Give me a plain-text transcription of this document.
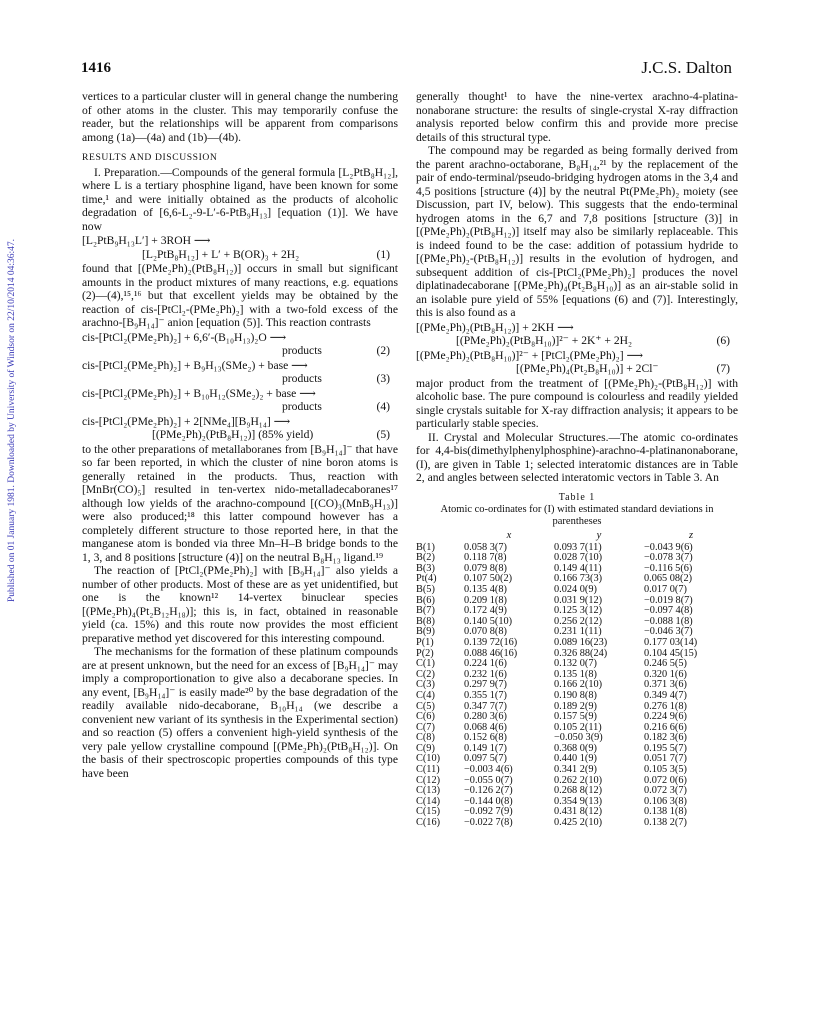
1416	J.C.S. Dalton
Published on 01 January 1981. Downloaded by University of Windsor on 22/10/2014 04:36:47.

vertices to a particular cluster will in general change the numbering of other atoms in the cluster. This may temporarily confuse the reader, but the relationships will be apparent from comparisons among (1a)—(4a) and (1b)—(4b).

RESULTS AND DISCUSSION

I. Preparation.—Compounds of the general formula [L₂PtB₈H₁₂], where L is a tertiary phosphine ligand, have been known for some time,¹ and were initially obtained as the products of alcoholic degradation of [6,6-L₂-9-L′-6-PtB₉H₁₃] [equation (1)]. We have now

[L₂PtB₉H₁₃L′] + 3ROH ⟶
[L₂PtB₈H₁₂] + L′ + B(OR)₃ + 2H₂	(1)

found that [(PMe₂Ph)₂(PtB₈H₁₂)] occurs in small but significant amounts in the product mixtures of many reactions, e.g. equations (2)—(4),¹⁵,¹⁶ but that excellent yields may be obtained by the reaction of cis-[PtCl₂-(PMe₂Ph)₂] with a two-fold excess of the arachno-[B₉H₁₄]⁻ anion [equation (5)]. This reaction contrasts

cis-[PtCl₂(PMe₂Ph)₂] + 6,6′-(B₁₀H₁₃)₂O ⟶
products	(2)
cis-[PtCl₂(PMe₂Ph)₂] + B₉H₁₃(SMe₂) + base ⟶
products	(3)
cis-[PtCl₂(PMe₂Ph)₂] + B₁₀H₁₂(SMe₂)₂ + base ⟶
products	(4)
cis-[PtCl₂(PMe₂Ph)₂] + 2[NMe₄][B₉H₁₄] ⟶
[(PMe₂Ph)₂(PtB₈H₁₂)] (85% yield)	(5)

to the other preparations of metallaboranes from [B₉H₁₄]⁻ that have so far been reported, in which the cluster of nine boron atoms is generally retained in the products. Thus, reaction with [MnBr(CO)₅] resulted in ten-vertex nido-metalladecaboranes¹⁷ although low yields of the arachno-compound [(CO)₃(MnB₉H₁₃)] were also produced;¹⁸ this latter compound however has a completely different structure to those reported here, in that the manganese atom is bonded via three Mn–H–B bridge bonds to the 1, 3, and 8 positions [structure (4)] on the neutral B₈H₁₃ ligand.¹⁹

The reaction of [PtCl₂(PMe₂Ph)₂] with [B₉H₁₄]⁻ also yields a number of other products. Most of these are as yet unidentified, but one is the known¹² 14-vertex binuclear species [(PMe₂Ph)₄(Pt₂B₁₂H₁₈)]; this is, in fact, obtained in reasonable yield (ca. 15%) and this route now provides the most efficient preparative method yet discovered for this interesting compound.

The mechanisms for the formation of these platinum compounds are at present unknown, but the need for an excess of [B₉H₁₄]⁻ may imply a comproportionation to give also a decaborane species. In any event, [B₉H₁₄]⁻ is easily made²⁰ by the base degradation of the readily available nido-decaborane, B₁₀H₁₄ (we describe a convenient new variant of its synthesis in the Experimental section) and so reaction (5) offers a convenient high-yield synthesis of the very pale yellow crystalline compound [(PMe₂Ph)₂(PtB₈H₁₂)]. On the basis of their spectroscopic properties compounds of this type have been

generally thought¹ to have the nine-vertex arachno-4-platina-nonaborane structure: the results of single-crystal X-ray diffraction analysis reported below confirm this and provide more precise details of this structural type.

The compound may be regarded as being formally derived from the parent arachno-octaborane, B₈H₁₄,²¹ by the replacement of the pair of endo-terminal/pseudo-bridging hydrogen atoms in the 3,4 and 4,5 positions [structure (4)] by the neutral Pt(PMe₂Ph)₂ moiety (see Discussion, part IV, below). This suggests that the endo-terminal hydrogen atoms in the 6,7 and 7,8 positions [structure (3)] in [(PMe₂Ph)₂(PtB₈H₁₂)] itself may also be similarly replaceable. This is indeed found to be the case: addition of potassium hydride to [(PMe₂Ph)₂-(PtB₈H₁₂)] results in the evolution of hydrogen, and subsequent addition of cis-[PtCl₂(PMe₂Ph)₂] produces the novel diplatinadecaborane [(PMe₂Ph)₄(Pt₂B₈H₁₀)] as an air-stable solid in an isolable pure yield of 55% [equations (6) and (7)]. Interestingly, this is also found as a

[(PMe₂Ph)₂(PtB₈H₁₂)] + 2KH ⟶
[(PMe₂Ph)₂(PtB₈H₁₀)]²⁻ + 2K⁺ + 2H₂	(6)
[(PMe₂Ph)₂(PtB₈H₁₀)]²⁻ + [PtCl₂(PMe₂Ph)₂] ⟶
[(PMe₂Ph)₄(Pt₂B₈H₁₀)] + 2Cl⁻	(7)

major product from the treatment of [(PMe₂Ph)₂-(PtB₈H₁₂)] with alcoholic base. The pure compound is colourless and readily yielded single crystals suitable for X-ray diffraction analysis; it appears to be particularly stable species.

II. Crystal and Molecular Structures.—The atomic co-ordinates for 4,4-bis(dimethylphenylphosphine)-arachno-4-platinanonaborane, (I), are given in Table 1; selected interatomic distances are in Table 2, and angles between selected interatomic vectors in Table 3. An

Table 1

Atomic co-ordinates for (I) with estimated standard deviations in parentheses

	x	y	z
B(1)	0.058 3(7)	0.093 7(11)	−0.043 9(6)
B(2)	0.118 7(8)	0.028 7(10)	−0.078 3(7)
B(3)	0.079 8(8)	0.149 4(11)	−0.116 5(6)
Pt(4)	0.107 50(2)	0.166 73(3)	0.065 08(2)
B(5)	0.135 4(8)	0.024 0(9)	0.017 0(7)
B(6)	0.209 1(8)	0.031 9(12)	−0.019 8(7)
B(7)	0.172 4(9)	0.125 3(12)	−0.097 4(8)
B(8)	0.140 5(10)	0.256 2(12)	−0.088 1(8)
B(9)	0.070 8(8)	0.231 1(11)	−0.046 3(7)
P(1)	0.139 72(16)	0.089 16(23)	0.177 03(14)
P(2)	0.088 46(16)	0.326 88(24)	0.104 45(15)
C(1)	0.224 1(6)	0.132 0(7)	0.246 5(5)
C(2)	0.232 1(6)	0.135 1(8)	0.320 1(6)
C(3)	0.297 9(7)	0.166 2(10)	0.371 3(6)
C(4)	0.355 1(7)	0.190 8(8)	0.349 4(7)
C(5)	0.347 7(7)	0.189 2(9)	0.276 1(8)
C(6)	0.280 3(6)	0.157 5(9)	0.224 9(6)
C(7)	0.068 4(6)	0.105 2(11)	0.216 6(6)
C(8)	0.152 6(8)	−0.050 3(9)	0.182 3(6)
C(9)	0.149 1(7)	0.368 0(9)	0.195 5(7)
C(10)	0.097 5(7)	0.440 1(9)	0.051 7(7)
C(11)	−0.003 4(6)	0.341 2(9)	0.105 3(5)
C(12)	−0.055 0(7)	0.262 2(10)	0.072 0(6)
C(13)	−0.126 2(7)	0.268 8(12)	0.072 3(7)
C(14)	−0.144 0(8)	0.354 9(13)	0.106 3(8)
C(15)	−0.092 7(9)	0.431 8(12)	0.138 1(8)
C(16)	−0.022 7(8)	0.425 2(10)	0.138 2(7)
